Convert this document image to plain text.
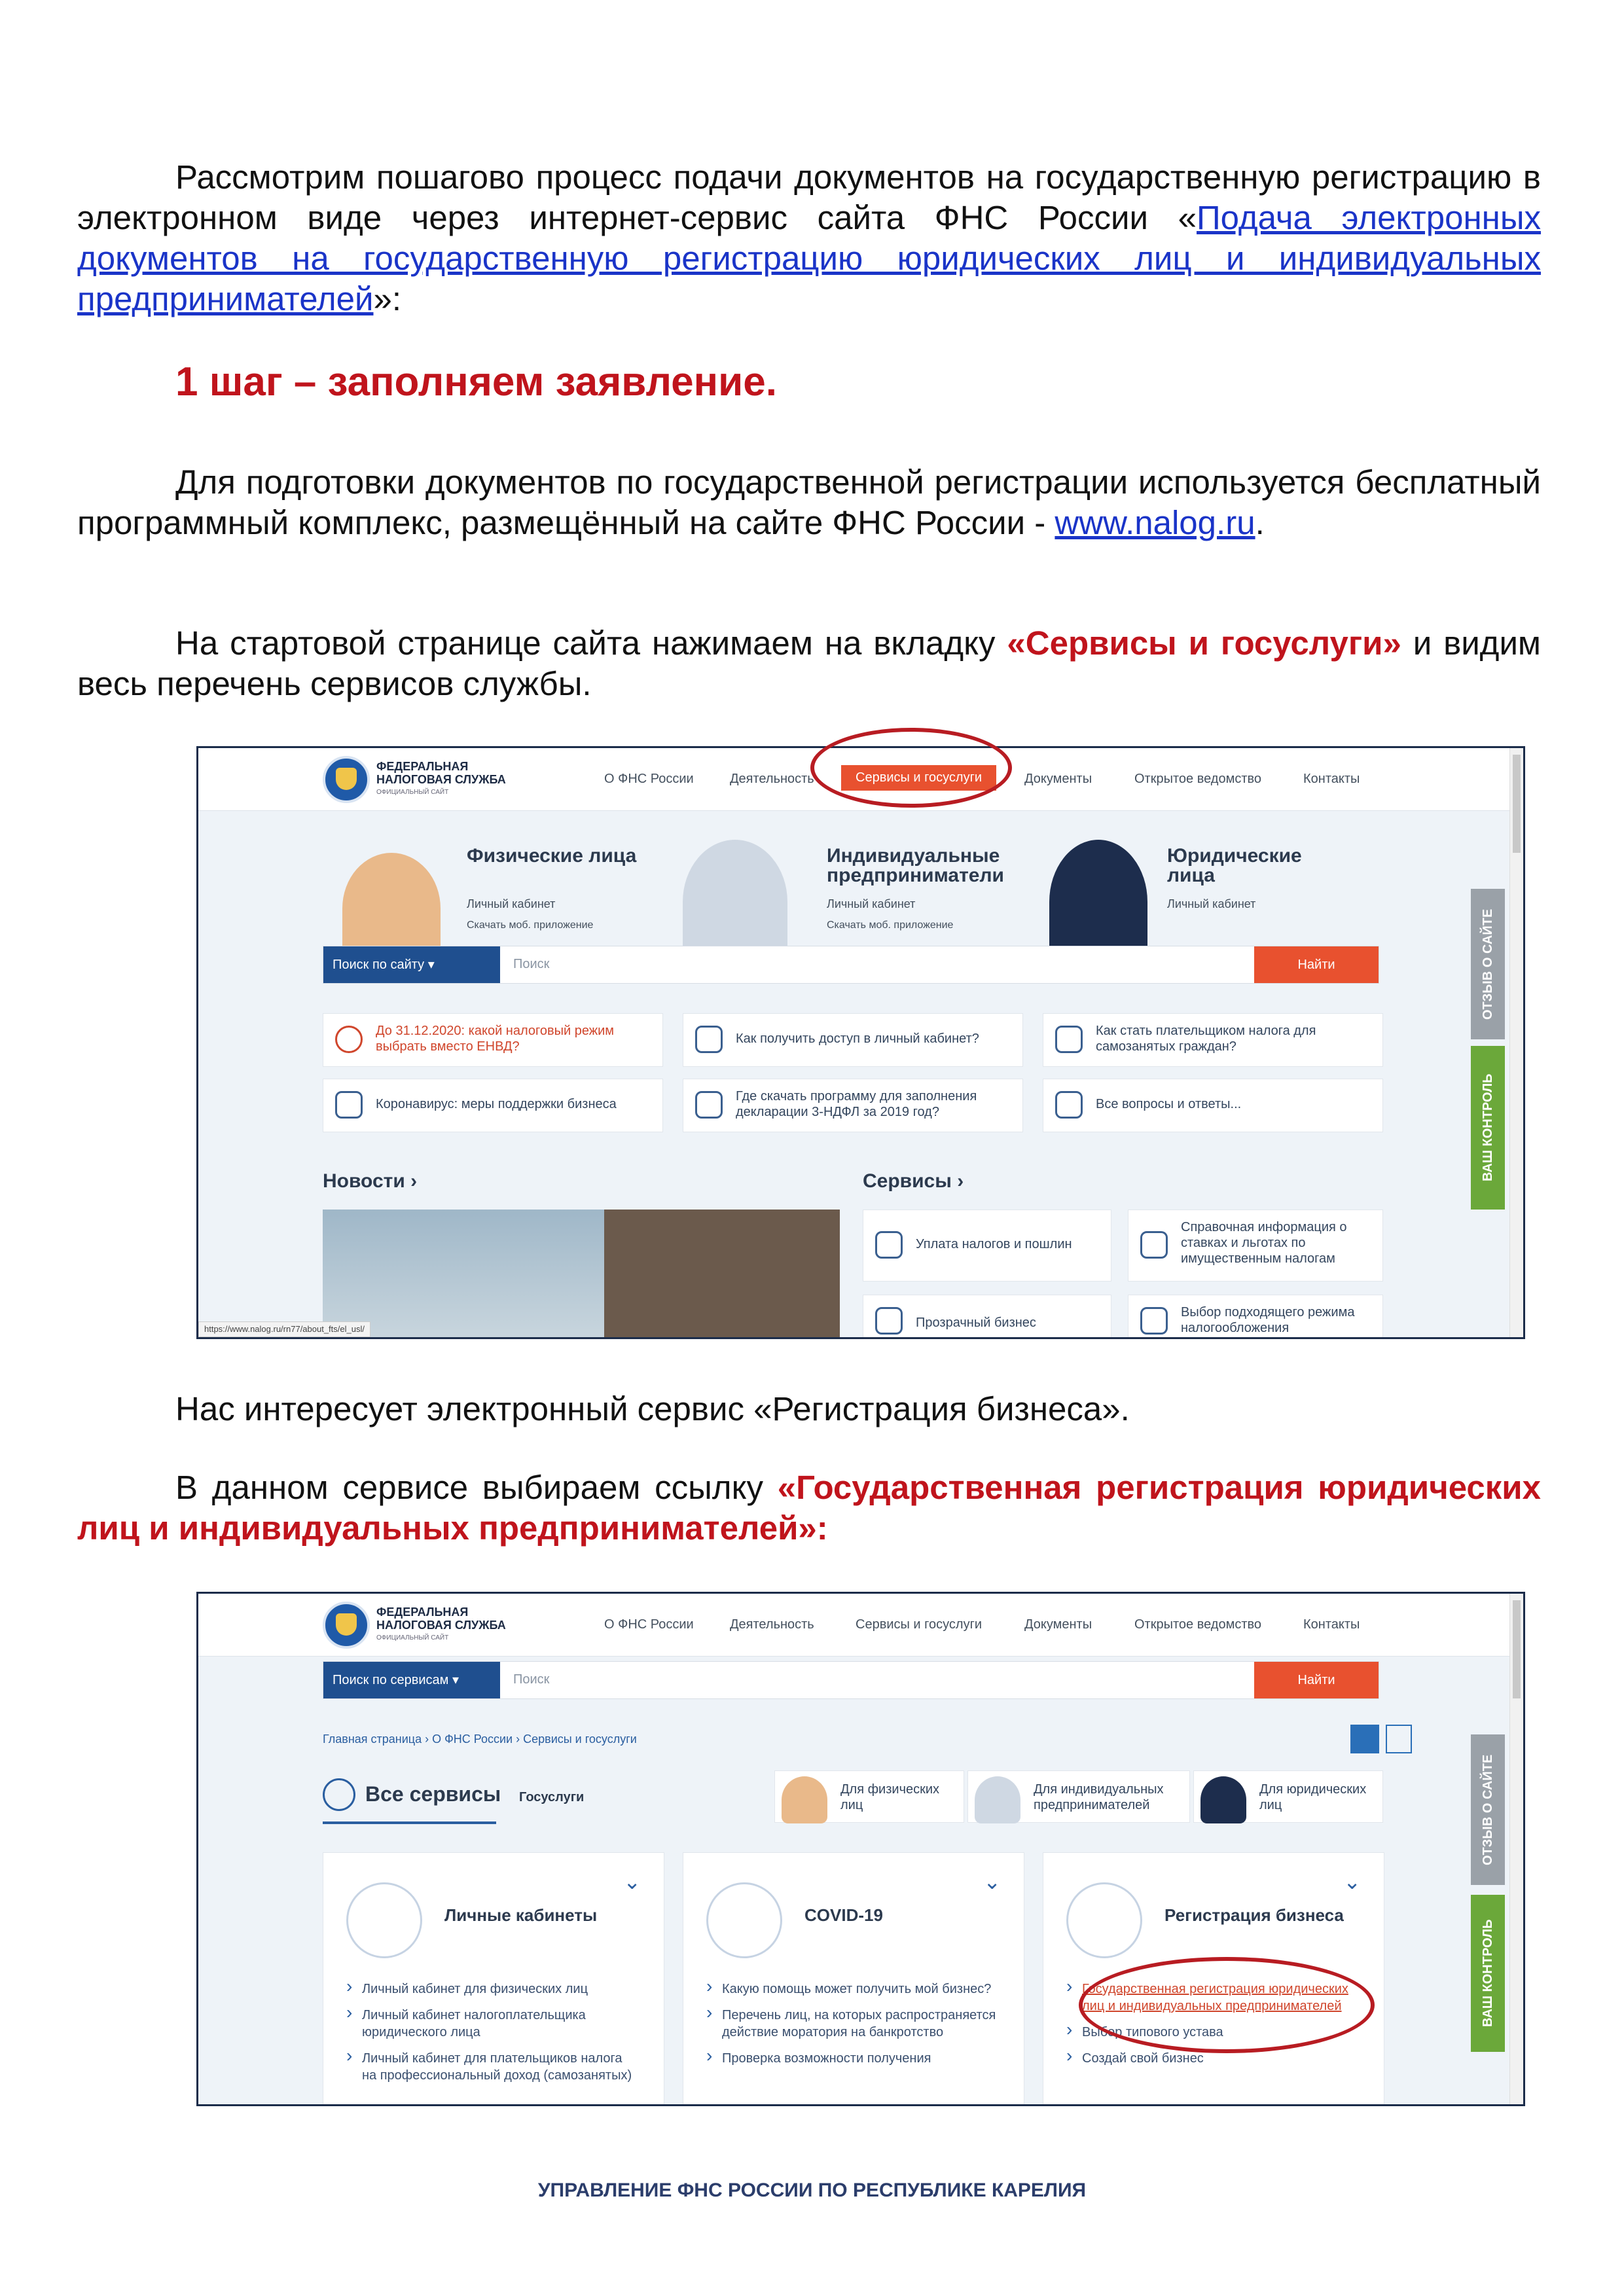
Рассмотрим пошагово процесс подачи документов на государственную регистрацию в электронном виде через интернет-сервис сайта ФНС России «Подача электронных документов на государственную регистрацию юридических лиц и индивидуальных предпринимателей»:
1 шаг – заполняем заявление.
Для подготовки документов по государственной регистрации используется бесплатный программный комплекс, размещённый на сайте ФНС России - www.nalog.ru.
На стартовой странице сайта нажимаем на вкладку «Сервисы и госуслуги» и видим весь перечень сервисов службы.
ФЕДЕРАЛЬНАЯ
НАЛОГОВАЯ СЛУЖБА
ОФИЦИАЛЬНЫЙ САЙТ
О ФНС России	Деятельность	Сервисы и госуслуги	Документы	Открытое ведомство	Контакты
Физические лица
Личный кабинет
Скачать моб. приложение
Индивидуальные предприниматели
Личный кабинет
Скачать моб. приложение
Юридические лица
Личный кабинет
Поиск по сайту ▾	Поиск	Найти
До 31.12.2020: какой налоговый режим выбрать вместо ЕНВД?
Как получить доступ в личный кабинет?
Как стать плательщиком налога для самозанятых граждан?
Коронавирус: меры поддержки бизнеса
Где скачать программу для заполнения декларации 3-НДФЛ за 2019 год?
Все вопросы и ответы...
Новости ›	Сервисы ›
Уплата налогов и пошлин
Справочная информация о ставках и льготах по имущественным налогам
Прозрачный бизнес
Выбор подходящего режима налогообложения
ОТЗЫВ О САЙТЕ
ВАШ КОНТРОЛЬ
https://www.nalog.ru/rn77/about_fts/el_usl/
Нас интересует электронный сервис «Регистрация бизнеса».
В данном сервисе выбираем ссылку «Государственная регистрация юридических лиц и индивидуальных предпринимателей»:
ФЕДЕРАЛЬНАЯ
НАЛОГОВАЯ СЛУЖБА
ОФИЦИАЛЬНЫЙ САЙТ
О ФНС России	Деятельность	Сервисы и госуслуги	Документы	Открытое ведомство	Контакты
Поиск по сервисам ▾	Поиск	Найти
Главная страница › О ФНС России › Сервисы и госуслуги
Все сервисы Госуслуги
Для физических лиц
Для индивидуальных предпринимателей
Для юридических лиц
⌄
Личные кабинеты
› Личный кабинет для физических лиц
› Личный кабинет налогоплательщика юридического лица
› Личный кабинет для плательщиков налога на профессиональный доход (самозанятых)
⌄
COVID-19
› Какую помощь может получить мой бизнес?
› Перечень лиц, на которых распространяется действие моратория на банкротство
› Проверка возможности получения
⌄
Регистрация бизнеса
› Государственная регистрация юридических лиц и индивидуальных предпринимателей
› Выбор типового устава
› Создай свой бизнес
ОТЗЫВ О САЙТЕ
ВАШ КОНТРОЛЬ
УПРАВЛЕНИЕ ФНС РОССИИ ПО РЕСПУБЛИКЕ КАРЕЛИЯ
